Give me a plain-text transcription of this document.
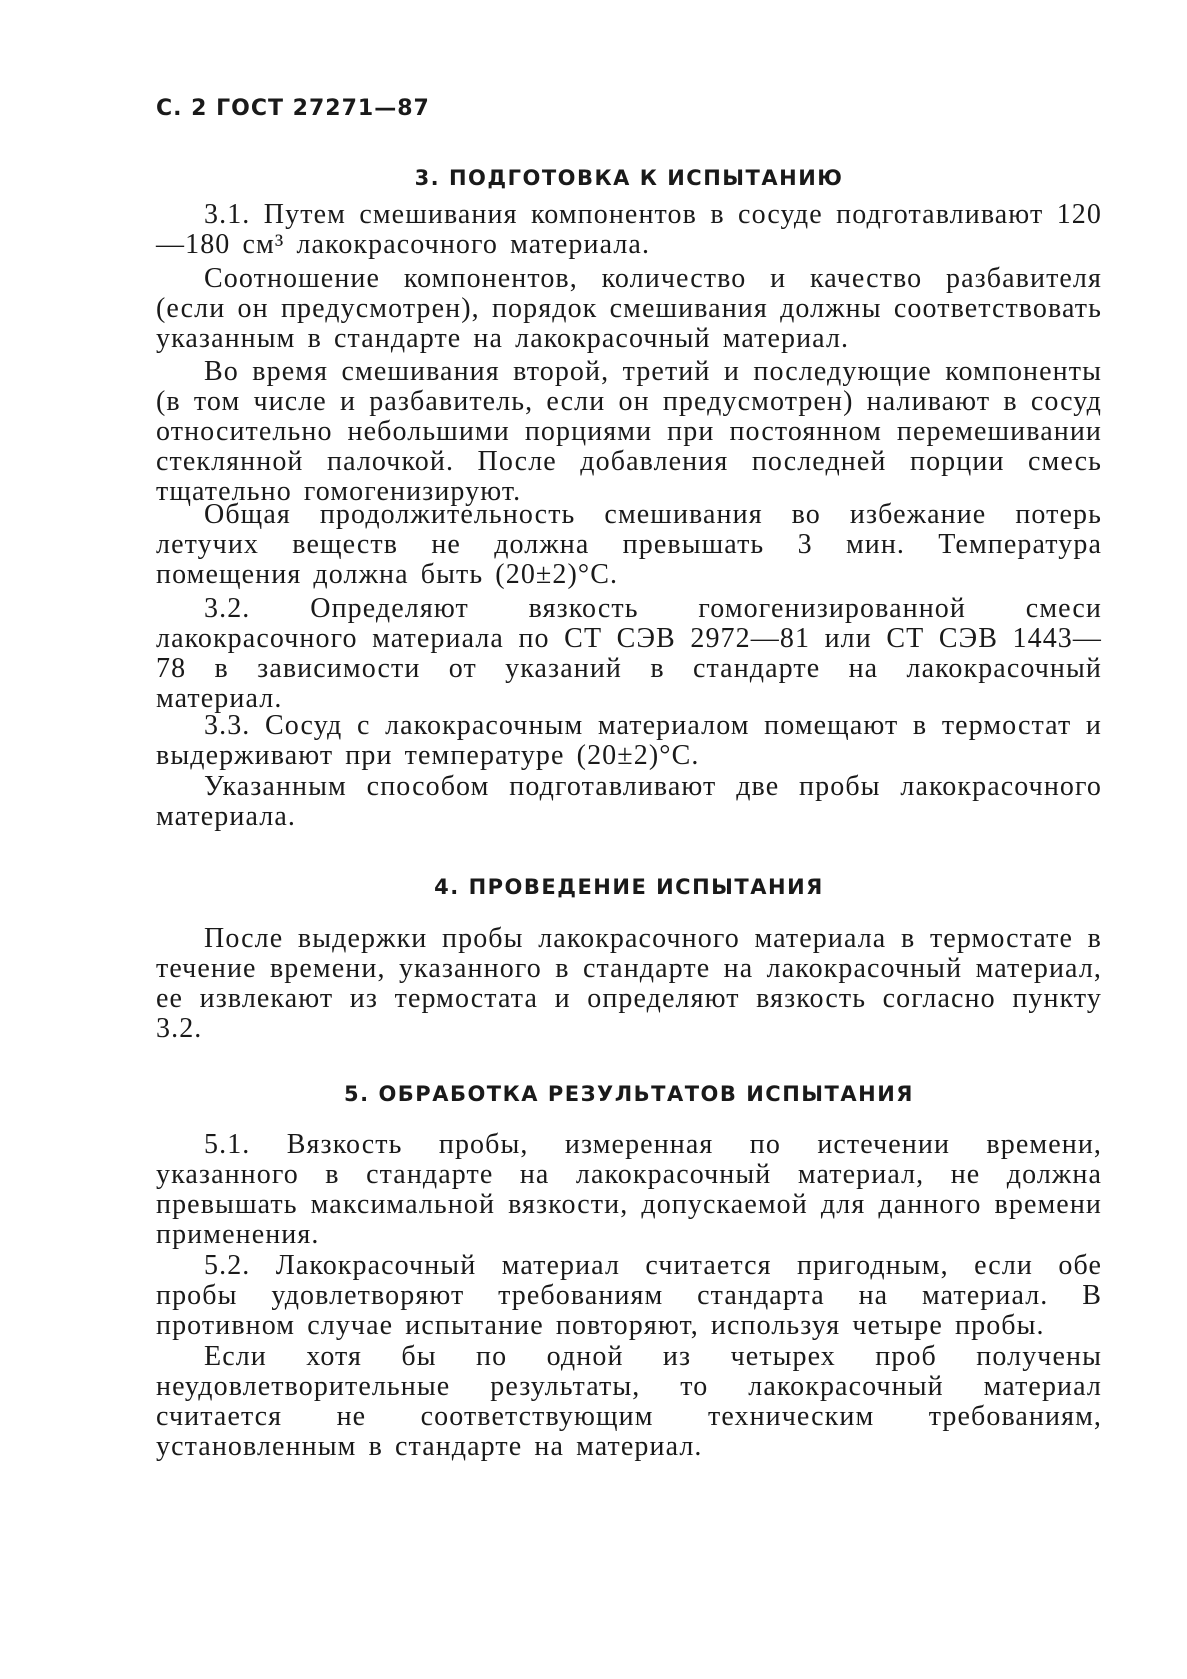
С. 2 ГОСТ 27271—87
3. ПОДГОТОВКА К ИСПЫТАНИЮ
3.1. Путем смешивания компонентов в сосуде подготавливают 120—180 см³ лакокрасочного материала.
Соотношение компонентов, количество и качество разбавителя (если он предусмотрен), порядок смешивания должны соответствовать указанным в стандарте на лакокрасочный материал.
Во время смешивания второй, третий и последующие компоненты (в том числе и разбавитель, если он предусмотрен) наливают в сосуд относительно небольшими порциями при постоянном перемешивании стеклянной палочкой. После добавления последней порции смесь тщательно гомогенизируют.
Общая продолжительность смешивания во избежание потерь летучих веществ не должна превышать 3 мин. Температура помещения должна быть (20±2)°С.
3.2. Определяют вязкость гомогенизированной смеси лакокрасочного материала по СТ СЭВ 2972—81 или СТ СЭВ 1443—78 в зависимости от указаний в стандарте на лакокрасочный материал.
3.3. Сосуд с лакокрасочным материалом помещают в термостат и выдерживают при температуре (20±2)°С.
Указанным способом подготавливают две пробы лакокрасочного материала.
4. ПРОВЕДЕНИЕ ИСПЫТАНИЯ
После выдержки пробы лакокрасочного материала в термостате в течение времени, указанного в стандарте на лакокрасочный материал, ее извлекают из термостата и определяют вязкость согласно пункту 3.2.
5. ОБРАБОТКА РЕЗУЛЬТАТОВ ИСПЫТАНИЯ
5.1. Вязкость пробы, измеренная по истечении времени, указанного в стандарте на лакокрасочный материал, не должна превышать максимальной вязкости, допускаемой для данного времени применения.
5.2. Лакокрасочный материал считается пригодным, если обе пробы удовлетворяют требованиям стандарта на материал. В противном случае испытание повторяют, используя четыре пробы.
Если хотя бы по одной из четырех проб получены неудовлетворительные результаты, то лакокрасочный материал считается не соответствующим техническим требованиям, установленным в стандарте на материал.
